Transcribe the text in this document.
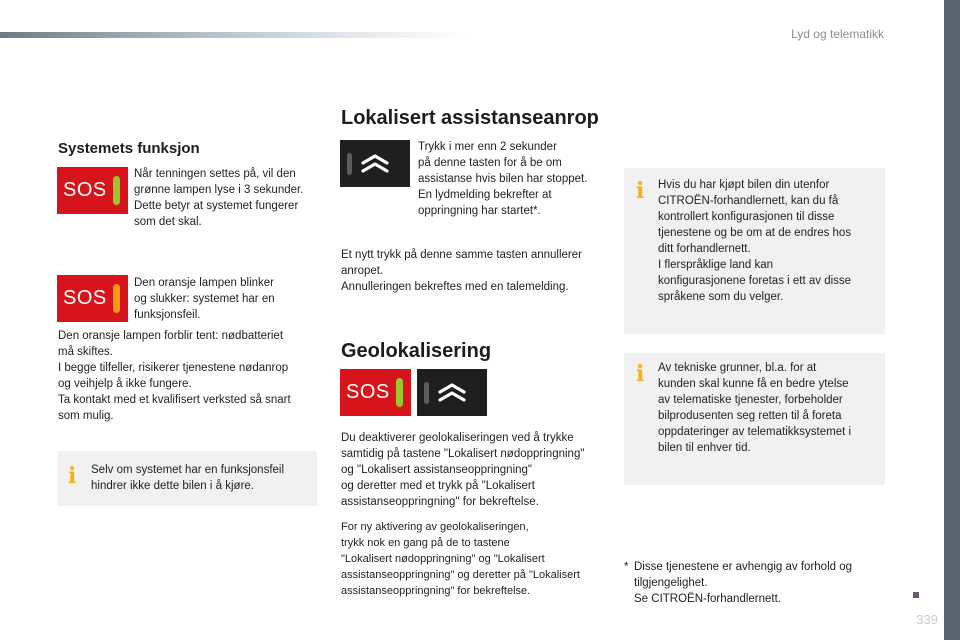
Lyd og telematikk
Systemets funksjon
SOS
Når tenningen settes på, vil den
grønne lampen lyse i 3 sekunder.
Dette betyr at systemet fungerer
som det skal.
SOS
Den oransje lampen blinker
og slukker: systemet har en
funksjonsfeil.
Den oransje lampen forblir tent: nødbatteriet
må skiftes.
I begge tilfeller, risikerer tjenestene nødanrop
og veihjelp å ikke fungere.
Ta kontakt med et kvalifisert verksted så snart
som mulig.
i	Selv om systemet har en funksjonsfeil
hindrer ikke dette bilen i å kjøre.
Lokalisert assistanseanrop
Trykk i mer enn 2 sekunder
på denne tasten for å be om
assistanse hvis bilen har stoppet.
En lydmelding bekrefter at
oppringning har startet*.
Et nytt trykk på denne samme tasten annullerer
anropet.
Annulleringen bekreftes med en talemelding.
Geolokalisering
SOS
Du deaktiverer geolokaliseringen ved å trykke
samtidig på tastene "Lokalisert nødoppringning"
og "Lokalisert assistanseoppringning"
og deretter med et trykk på "Lokalisert
assistanseoppringning" for bekreftelse.
For ny aktivering av geolokaliseringen,
trykk nok en gang på de to tastene
"Lokalisert nødoppringning" og "Lokalisert
assistanseoppringning" og deretter på "Lokalisert
assistanseoppringning" for bekreftelse.
i	Hvis du har kjøpt bilen din utenfor
CITROËN-forhandlernett, kan du få
kontrollert konfigurasjonen til disse
tjenestene og be om at de endres hos
ditt forhandlernett.
I flerspråklige land kan
konfigurasjonene foretas i ett av disse
språkene som du velger.
i	Av tekniske grunner, bl.a. for at
kunden skal kunne få en bedre ytelse
av telematiske tjenester, forbeholder
bilprodusenten seg retten til å foreta
oppdateringer av telematikksystemet i
bilen til enhver tid.
* Disse tjenestene er avhengig av forhold og
tilgjengelighet.
Se CITROËN-forhandlernett.
339
